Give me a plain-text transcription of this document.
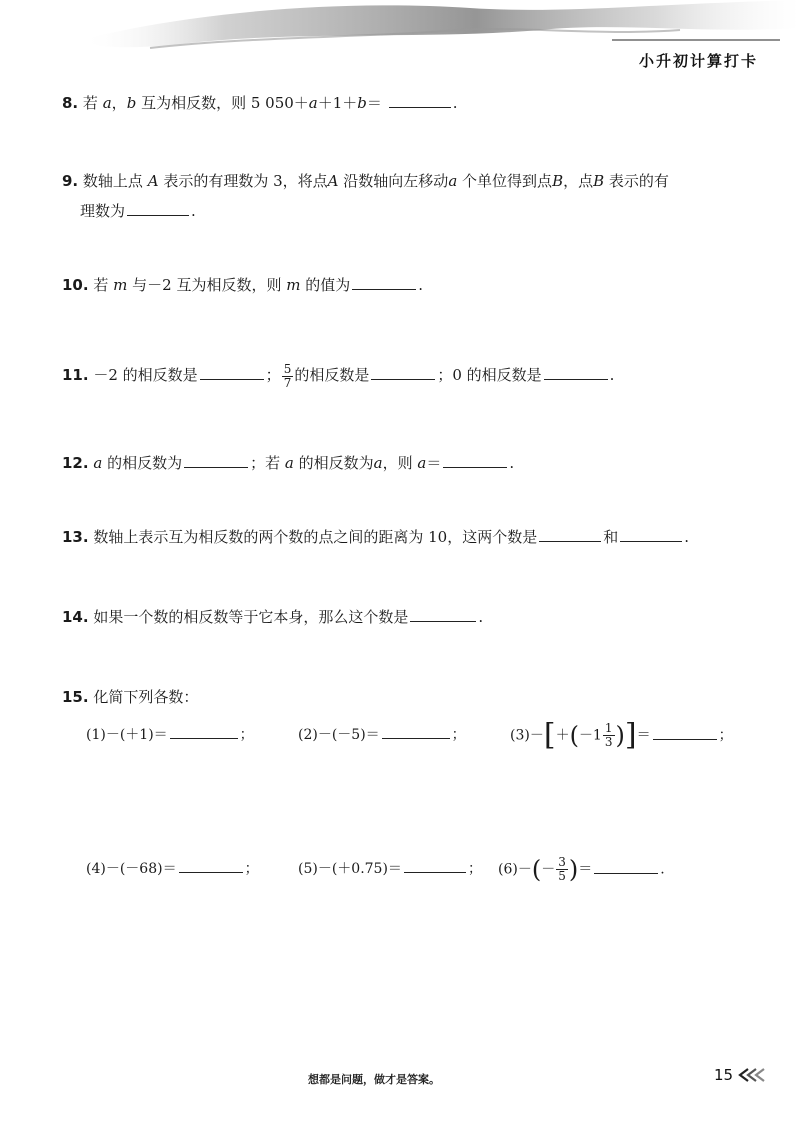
小升初计算打卡
8. 若 a，b 互为相反数，则 5 050＋a＋1＋b＝	.
9. 数轴上点 A 表示的有理数为 3，将点A 沿数轴向左移动a 个单位得到点B，点B 表示的有
理数为	.
10. 若 m 与－2 互为相反数，则 m 的值为	.
11. －2 的相反数是	； $\frac{5}{7}$ 的相反数是	；0 的相反数是	.
12. a 的相反数为	；若 a 的相反数为a，则 a＝	.
13. 数轴上表示互为相反数的两个数的点之间的距离为 10，这两个数是	和	.
14. 如果一个数的相反数等于它本身，那么这个数是	.
15. 化简下列各数：
(1)－(＋1)＝	；	(2)－(－5)＝	；	$(3)-[+(-1 \frac{1}{3}$ )]＝	；
(4)－(－68)＝	；	(5)－(＋0.75)＝	； $(6)-(- \frac{3}{5}$ )＝	.
想都是问题，做才是答案。	15
